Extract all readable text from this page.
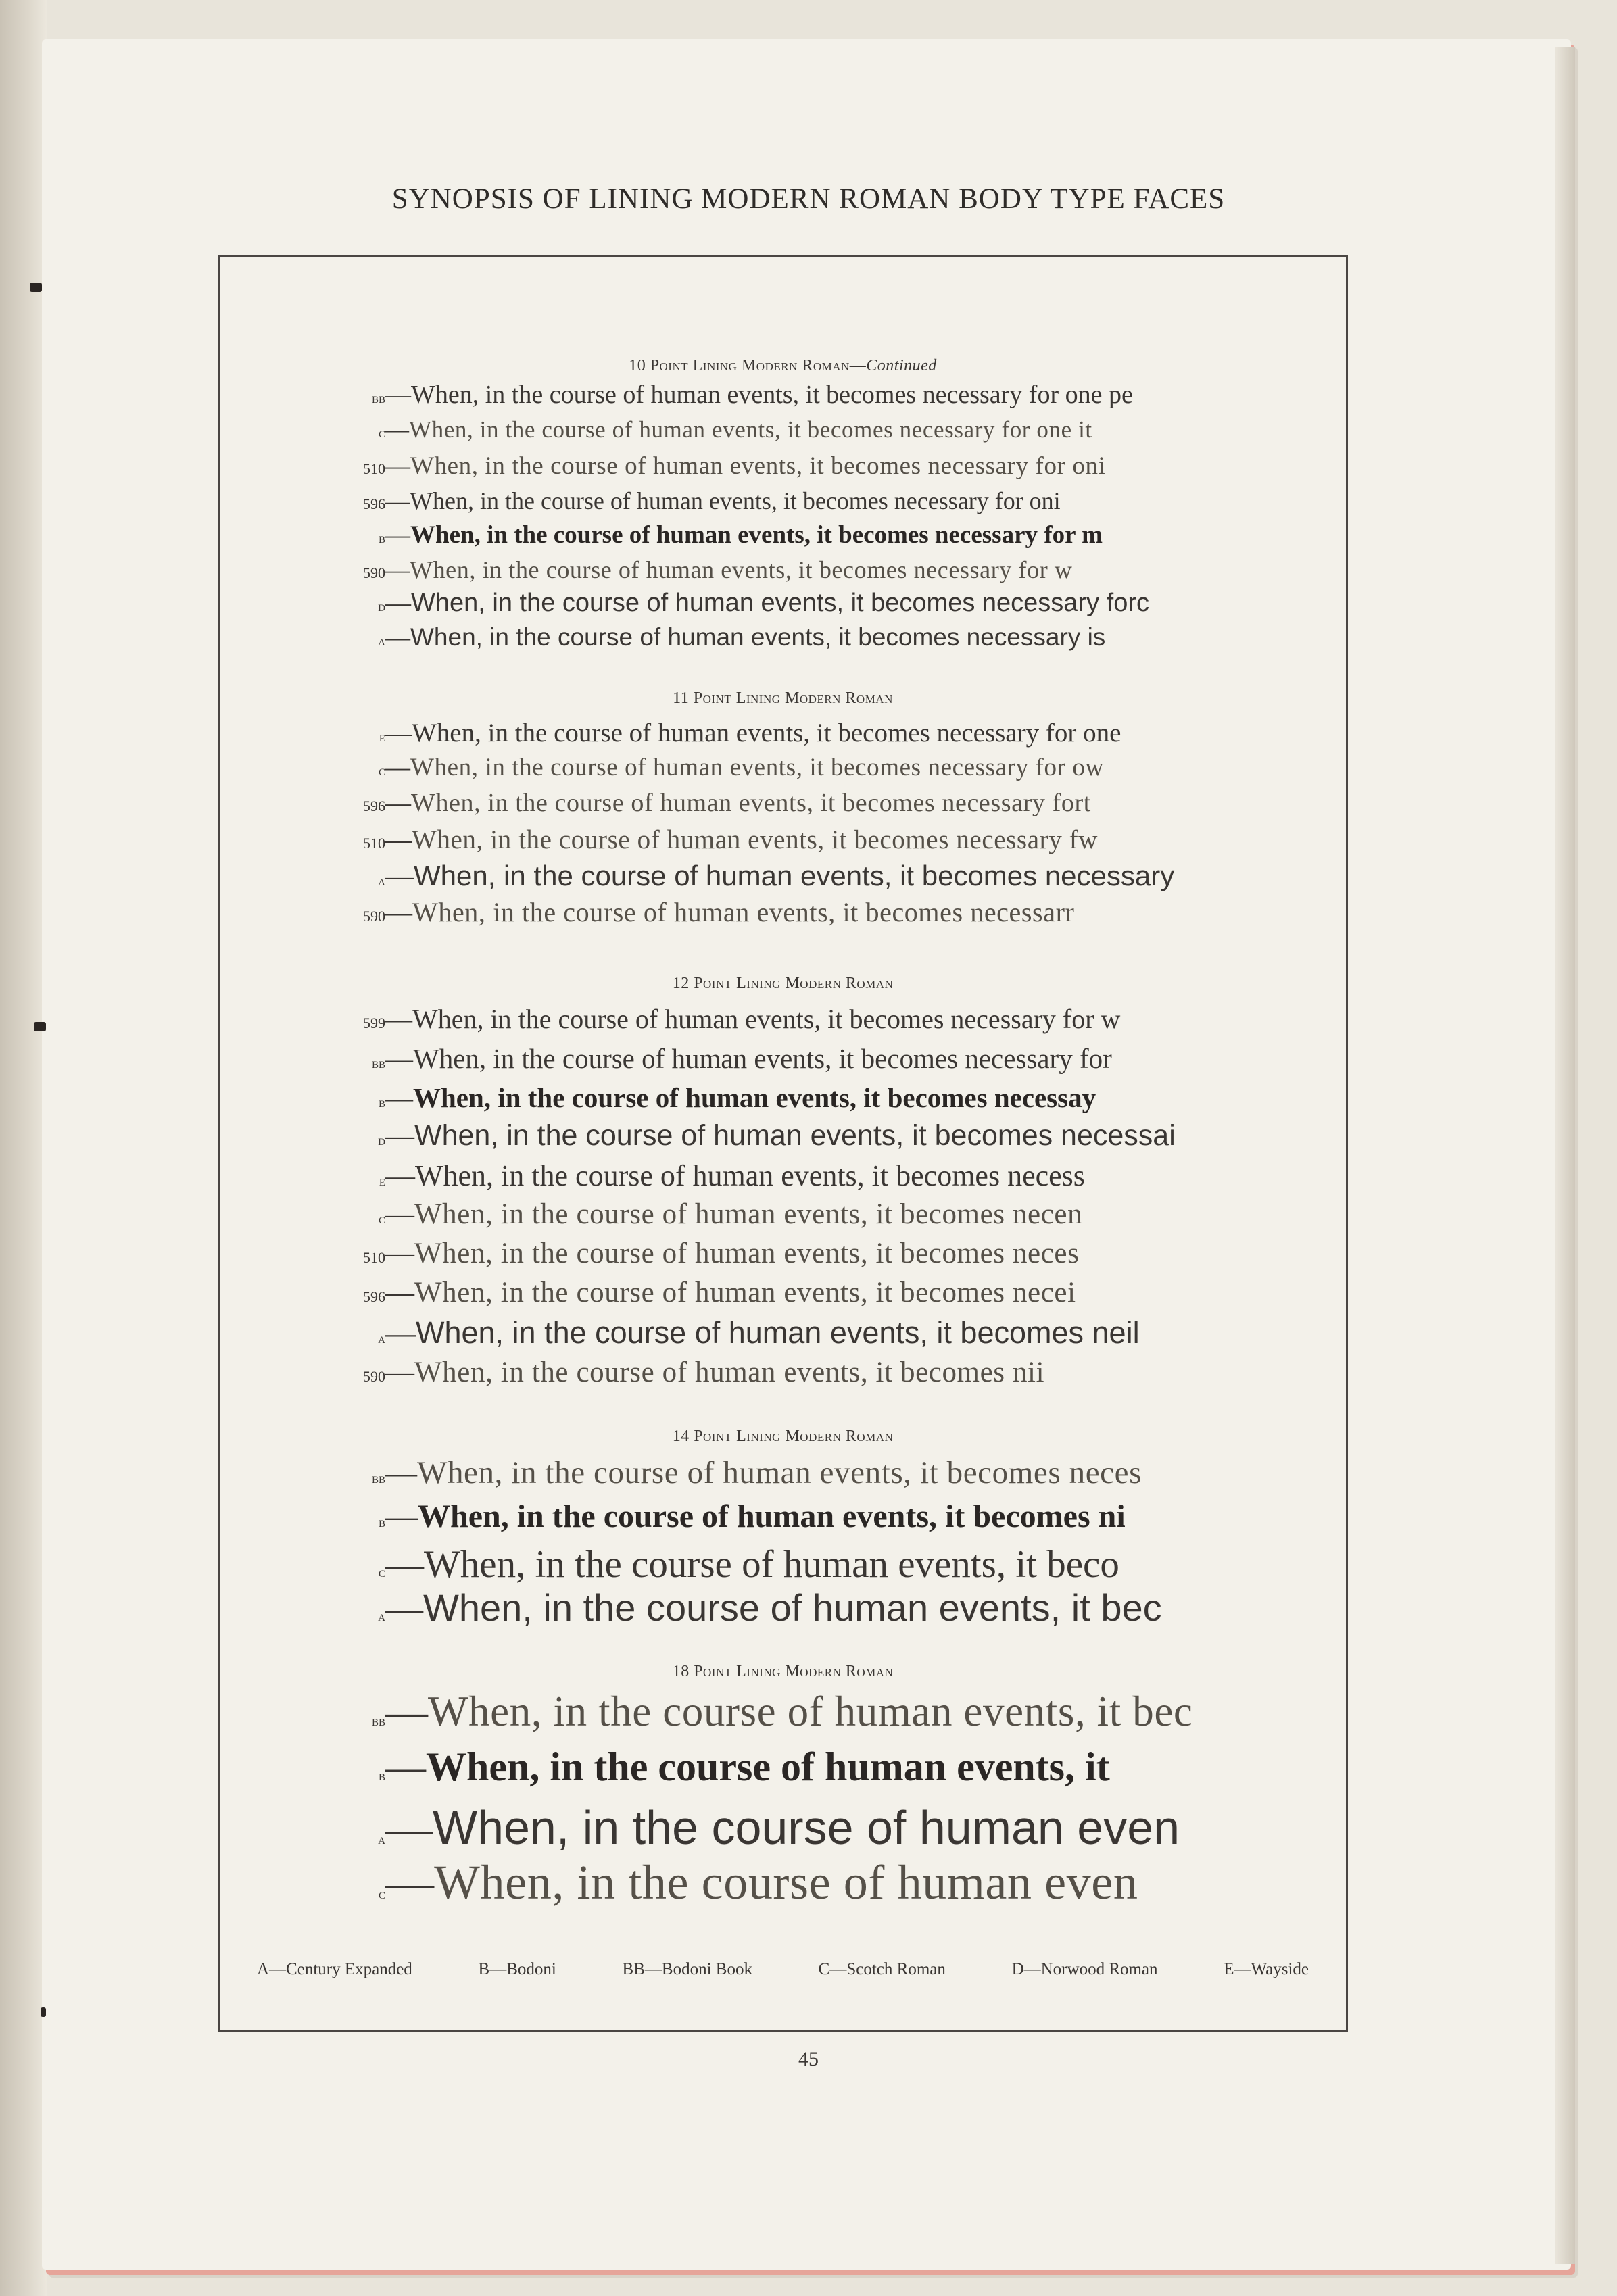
SYNOPSIS OF LINING MODERN ROMAN BODY TYPE FACES
10 Point Lining Modern Roman—Continued
bb — When, in the course of human events, it becomes necessary for one pe
c — When, in the course of human events, it becomes necessary for one it
510 — When, in the course of human events, it becomes necessary for oni
596 — When, in the course of human events, it becomes necessary for oni
b — When, in the course of human events, it becomes necessary for m
590 — When, in the course of human events, it becomes necessary for w
d — When, in the course of human events, it becomes necessary forc
a — When, in the course of human events, it becomes necessary is
11 Point Lining Modern Roman
e — When, in the course of human events, it becomes necessary for one
c — When, in the course of human events, it becomes necessary for ow
596 — When, in the course of human events, it becomes necessary fort
510 — When, in the course of human events, it becomes necessary fw
a — When, in the course of human events, it becomes necessary
590 — When, in the course of human events, it becomes necessarr
12 Point Lining Modern Roman
599 — When, in the course of human events, it becomes necessary for w
bb — When, in the course of human events, it becomes necessary for
b — When, in the course of human events, it becomes necessay
d — When, in the course of human events, it becomes necessai
e — When, in the course of human events, it becomes necess
c — When, in the course of human events, it becomes necen
510 — When, in the course of human events, it becomes neces
596 — When, in the course of human events, it becomes necei
a — When, in the course of human events, it becomes neil
590 — When, in the course of human events, it becomes nii
14 Point Lining Modern Roman
bb — When, in the course of human events, it becomes neces
b — When, in the course of human events, it becomes ni
c — When, in the course of human events, it beco
a — When, in the course of human events, it bec
18 Point Lining Modern Roman
bb — When, in the course of human events, it bec
b — When, in the course of human events, it
a — When, in the course of human even
c — When, in the course of human even
A—Century Expanded	B—Bodoni	BB—Bodoni Book	C—Scotch Roman	D—Norwood Roman	E—Wayside
45
